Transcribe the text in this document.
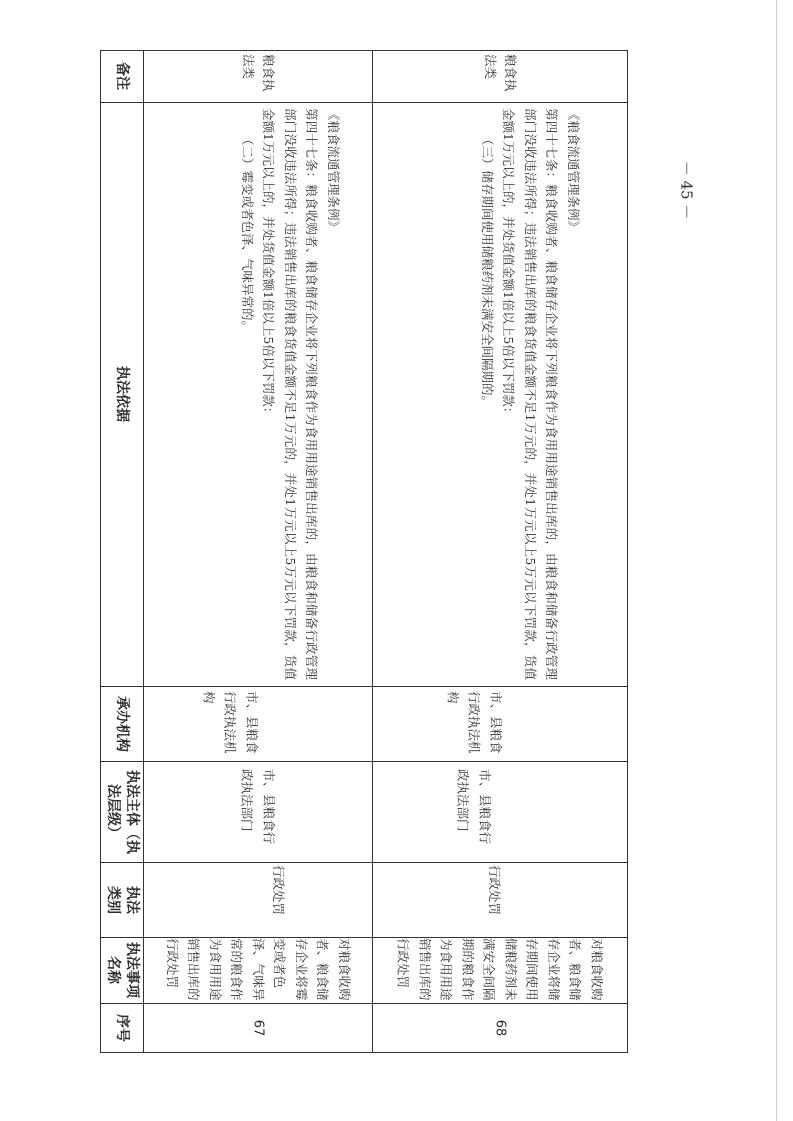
备注
执法依据
承办机构
执法主体（执法层级）
执法类别
执法事项名称
序号
粮食执法类
《粮食流通管理条例》
第四十七条：粮食收购者、粮食储存企业将下列粮食作为食用用途销售出库的，由粮食和储备行政管理部门没收违法所得；违法销售出库的粮食货值金额不足1万元的，并处1万元以上5万元以下罚款，货值金额1万元以上的，并处货值金额1倍以上5倍以下罚款：
（二）霉变或者色泽、气味异常的。
市、县粮食行政执法机构
市、县粮食行政执法部门
行政处罚
对粮食收购者、粮食储存企业将霉变或者色泽、气味异常的粮食作为食用用途销售出库的行政处罚
67
粮食执法类
《粮食流通管理条例》
第四十七条：粮食收购者、粮食储存企业将下列粮食作为食用用途销售出库的，由粮食和储备行政管理部门没收违法所得；违法销售出库的粮食货值金额不足1万元的，并处1万元以上5万元以下罚款，货值金额1万元以上的，并处货值金额1倍以上5倍以下罚款：
（三）储存期间使用储粮药剂未满安全间隔期的。
市、县粮食行政执法机构
市、县粮食行政执法部门
行政处罚
对粮食收购者、粮食储存企业将储存期间使用储粮药剂未满安全间隔期的粮食作为食用用途销售出库的行政处罚
68
－ 45 －
